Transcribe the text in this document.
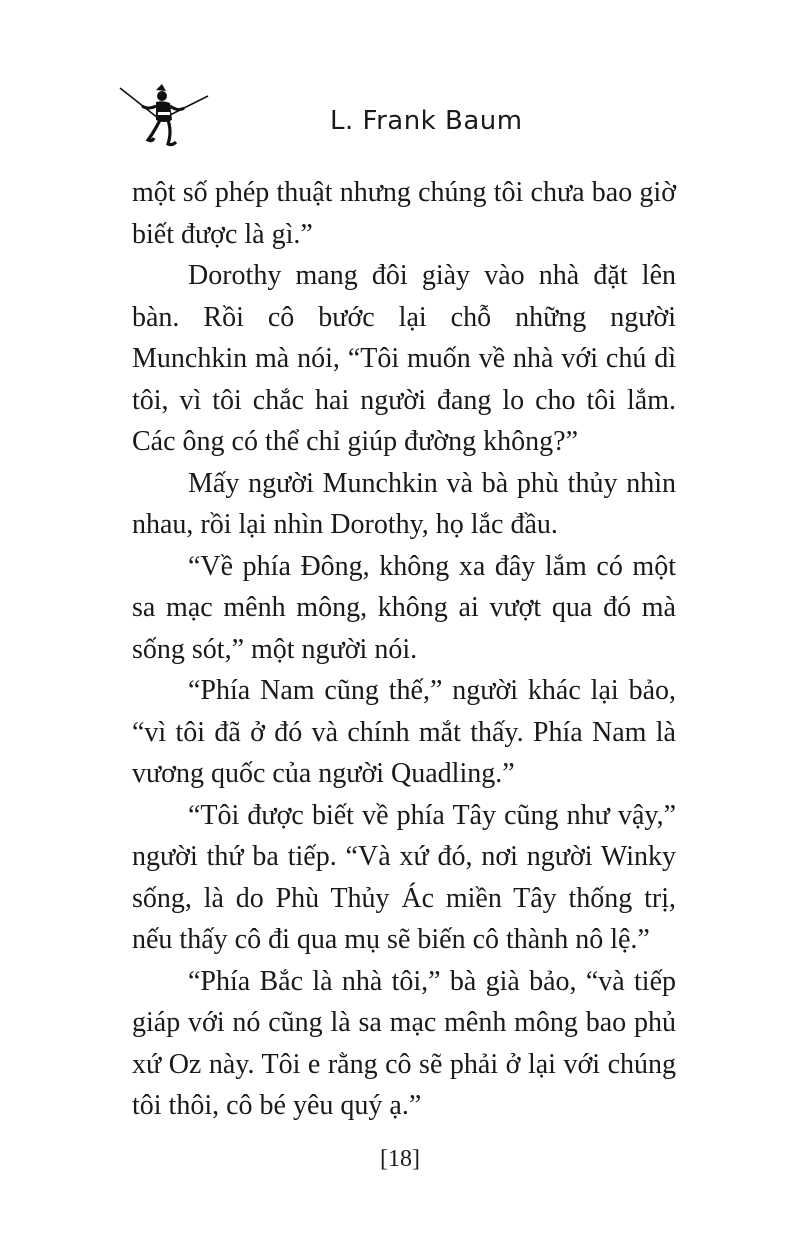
L. Frank Baum

một số phép thuật nhưng chúng tôi chưa bao giờ biết được là gì.”

Dorothy mang đôi giày vào nhà đặt lên bàn. Rồi cô bước lại chỗ những người Munchkin mà nói, “Tôi muốn về nhà với chú dì tôi, vì tôi chắc hai người đang lo cho tôi lắm. Các ông có thể chỉ giúp đường không?”

Mấy người Munchkin và bà phù thủy nhìn nhau, rồi lại nhìn Dorothy, họ lắc đầu.

“Về phía Đông, không xa đây lắm có một sa mạc mênh mông, không ai vượt qua đó mà sống sót,” một người nói.

“Phía Nam cũng thế,” người khác lại bảo, “vì tôi đã ở đó và chính mắt thấy. Phía Nam là vương quốc của người Quadling.”

“Tôi được biết về phía Tây cũng như vậy,” người thứ ba tiếp. “Và xứ đó, nơi người Winky sống, là do Phù Thủy Ác miền Tây thống trị, nếu thấy cô đi qua mụ sẽ biến cô thành nô lệ.”

“Phía Bắc là nhà tôi,” bà già bảo, “và tiếp giáp với nó cũng là sa mạc mênh mông bao phủ xứ Oz này. Tôi e rằng cô sẽ phải ở lại với chúng tôi thôi, cô bé yêu quý ạ.”

[18]
